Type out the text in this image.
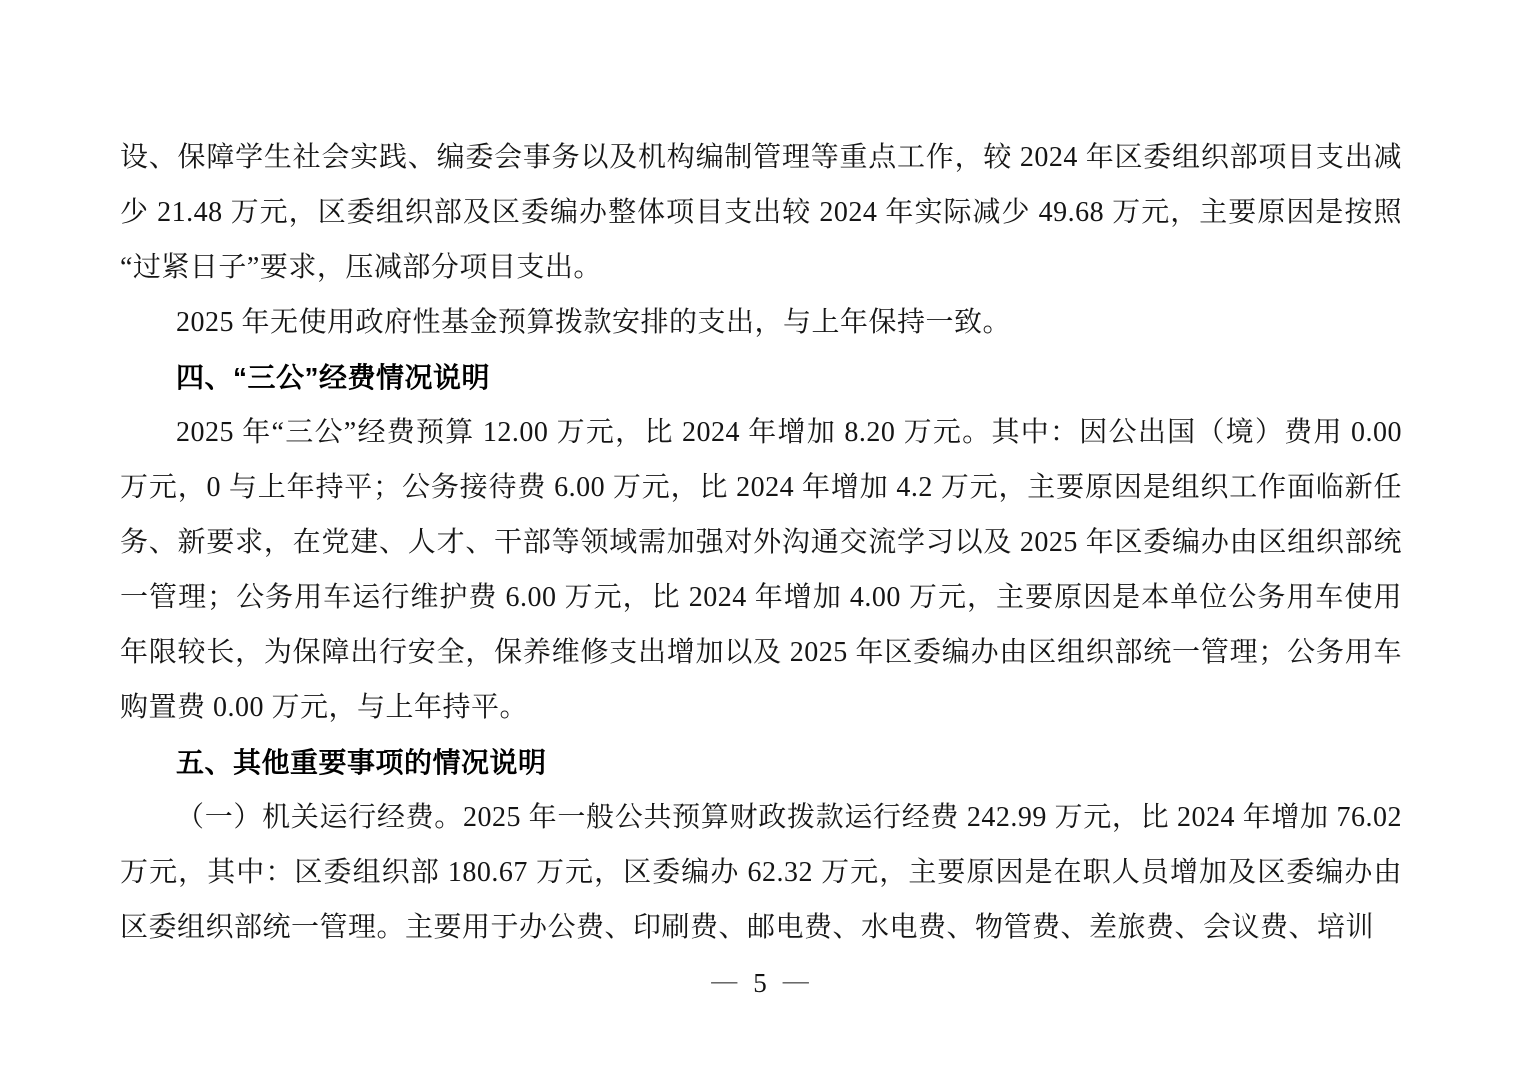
设、保障学生社会实践、编委会事务以及机构编制管理等重点工作，较 2024 年区委组织部项目支出减少 21.48 万元，区委组织部及区委编办整体项目支出较 2024 年实际减少 49.68 万元，主要原因是按照“过紧日子”要求，压减部分项目支出。

2025 年无使用政府性基金预算拨款安排的支出，与上年保持一致。

四、“三公”经费情况说明

2025 年“三公”经费预算 12.00 万元，比 2024 年增加 8.20 万元。其中：因公出国（境）费用 0.00 万元，0 与上年持平；公务接待费 6.00 万元，比 2024 年增加 4.2 万元，主要原因是组织工作面临新任务、新要求，在党建、人才、干部等领域需加强对外沟通交流学习以及 2025 年区委编办由区组织部统一管理；公务用车运行维护费 6.00 万元，比 2024 年增加 4.00 万元，主要原因是本单位公务用车使用年限较长，为保障出行安全，保养维修支出增加以及 2025 年区委编办由区组织部统一管理；公务用车购置费 0.00 万元，与上年持平。

五、其他重要事项的情况说明

（一）机关运行经费。2025 年一般公共预算财政拨款运行经费 242.99 万元，比 2024 年增加 76.02 万元，其中：区委组织部 180.67 万元，区委编办 62.32 万元，主要原因是在职人员增加及区委编办由区委组织部统一管理。主要用于办公费、印刷费、邮电费、水电费、物管费、差旅费、会议费、培训

— 5 —
